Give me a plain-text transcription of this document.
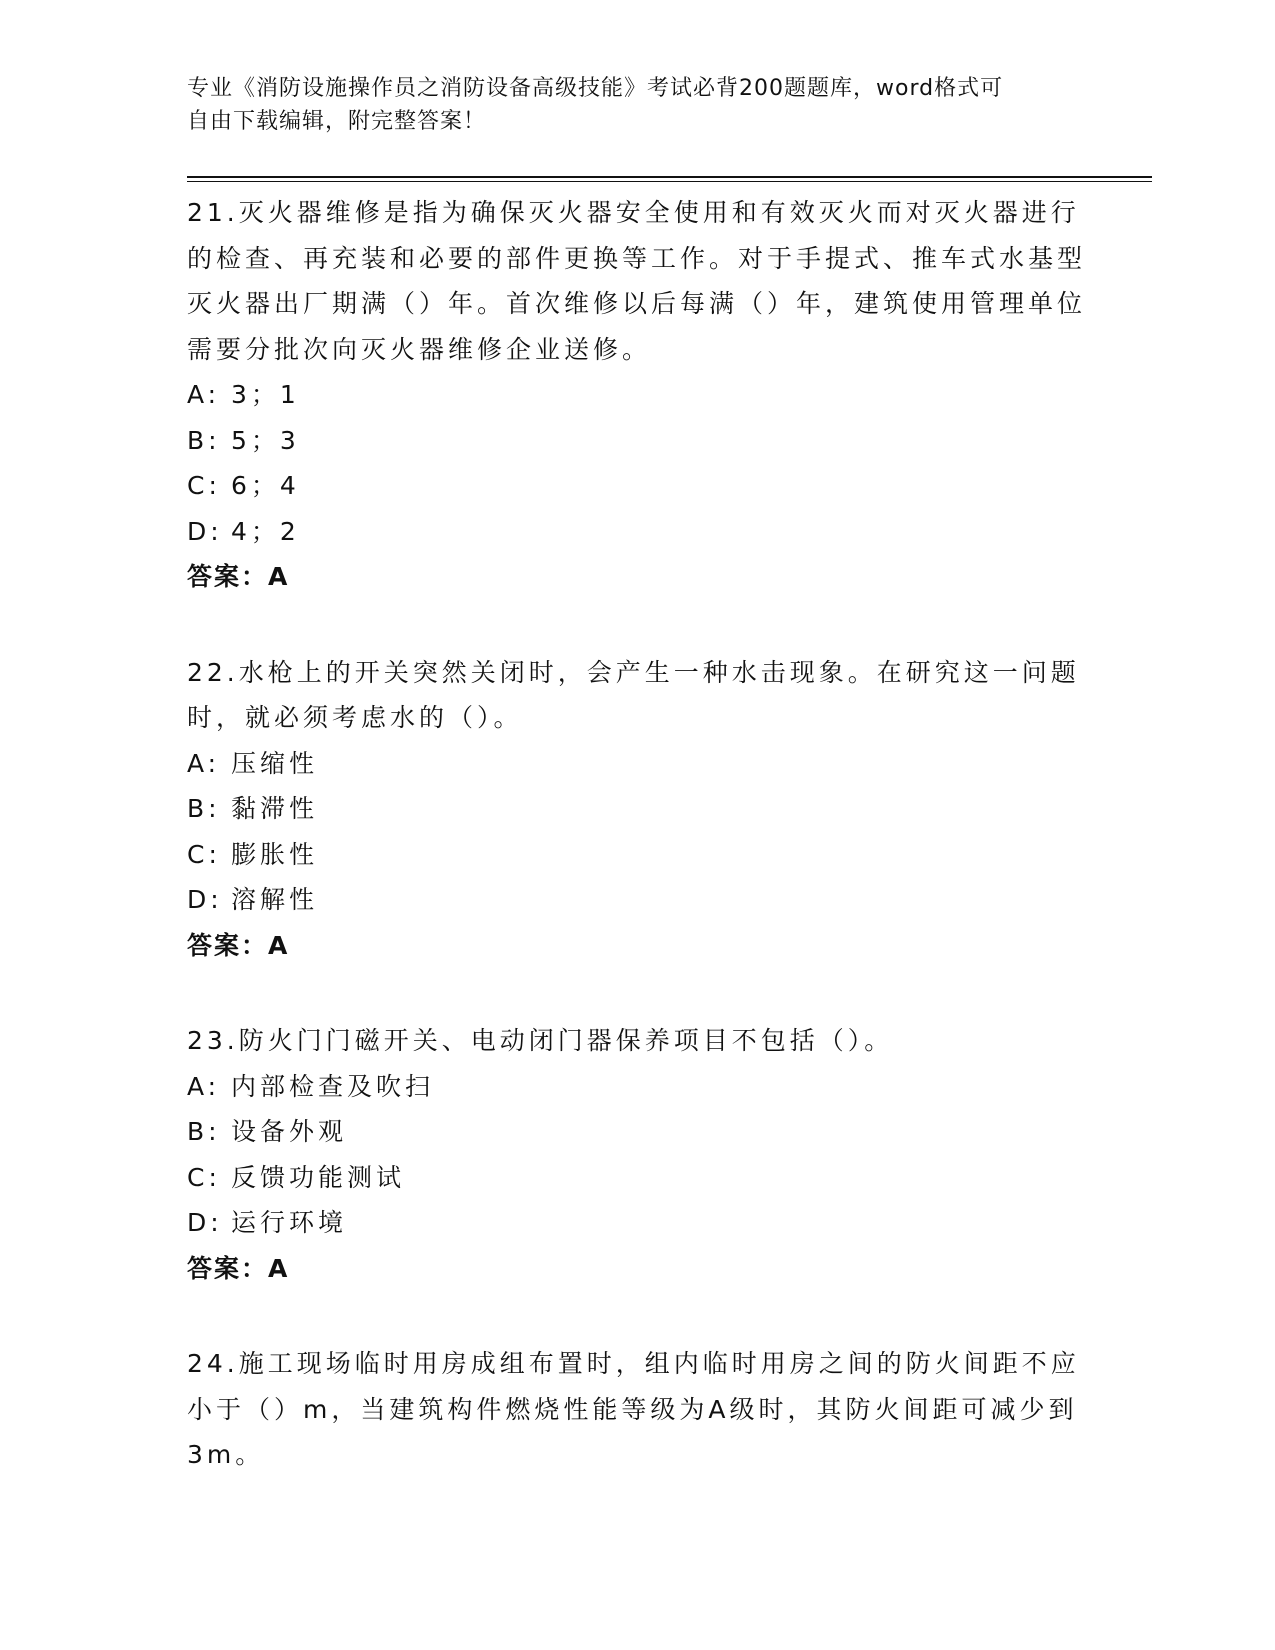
专业《消防设施操作员之消防设备高级技能》考试必背200题题库，word格式可
自由下载编辑，附完整答案！

21.灭火器维修是指为确保灭火器安全使用和有效灭火而对灭火器进行的检查、再充装和必要的部件更换等工作。对于手提式、推车式水基型灭火器出厂期满（）年。首次维修以后每满（）年，建筑使用管理单位需要分批次向灭火器维修企业送修。

A: 3；1

B: 5；3

C: 6；4

D: 4；2

答案：A

22.水枪上的开关突然关闭时，会产生一种水击现象。在研究这一问题时，就必须考虑水的（）。

A: 压缩性

B: 黏滞性

C: 膨胀性

D: 溶解性

答案：A

23.防火门门磁开关、电动闭门器保养项目不包括（）。

A: 内部检查及吹扫

B: 设备外观

C: 反馈功能测试

D: 运行环境

答案：A

24.施工现场临时用房成组布置时，组内临时用房之间的防火间距不应小于（）m，当建筑构件燃烧性能等级为A级时，其防火间距可减少到3m。
